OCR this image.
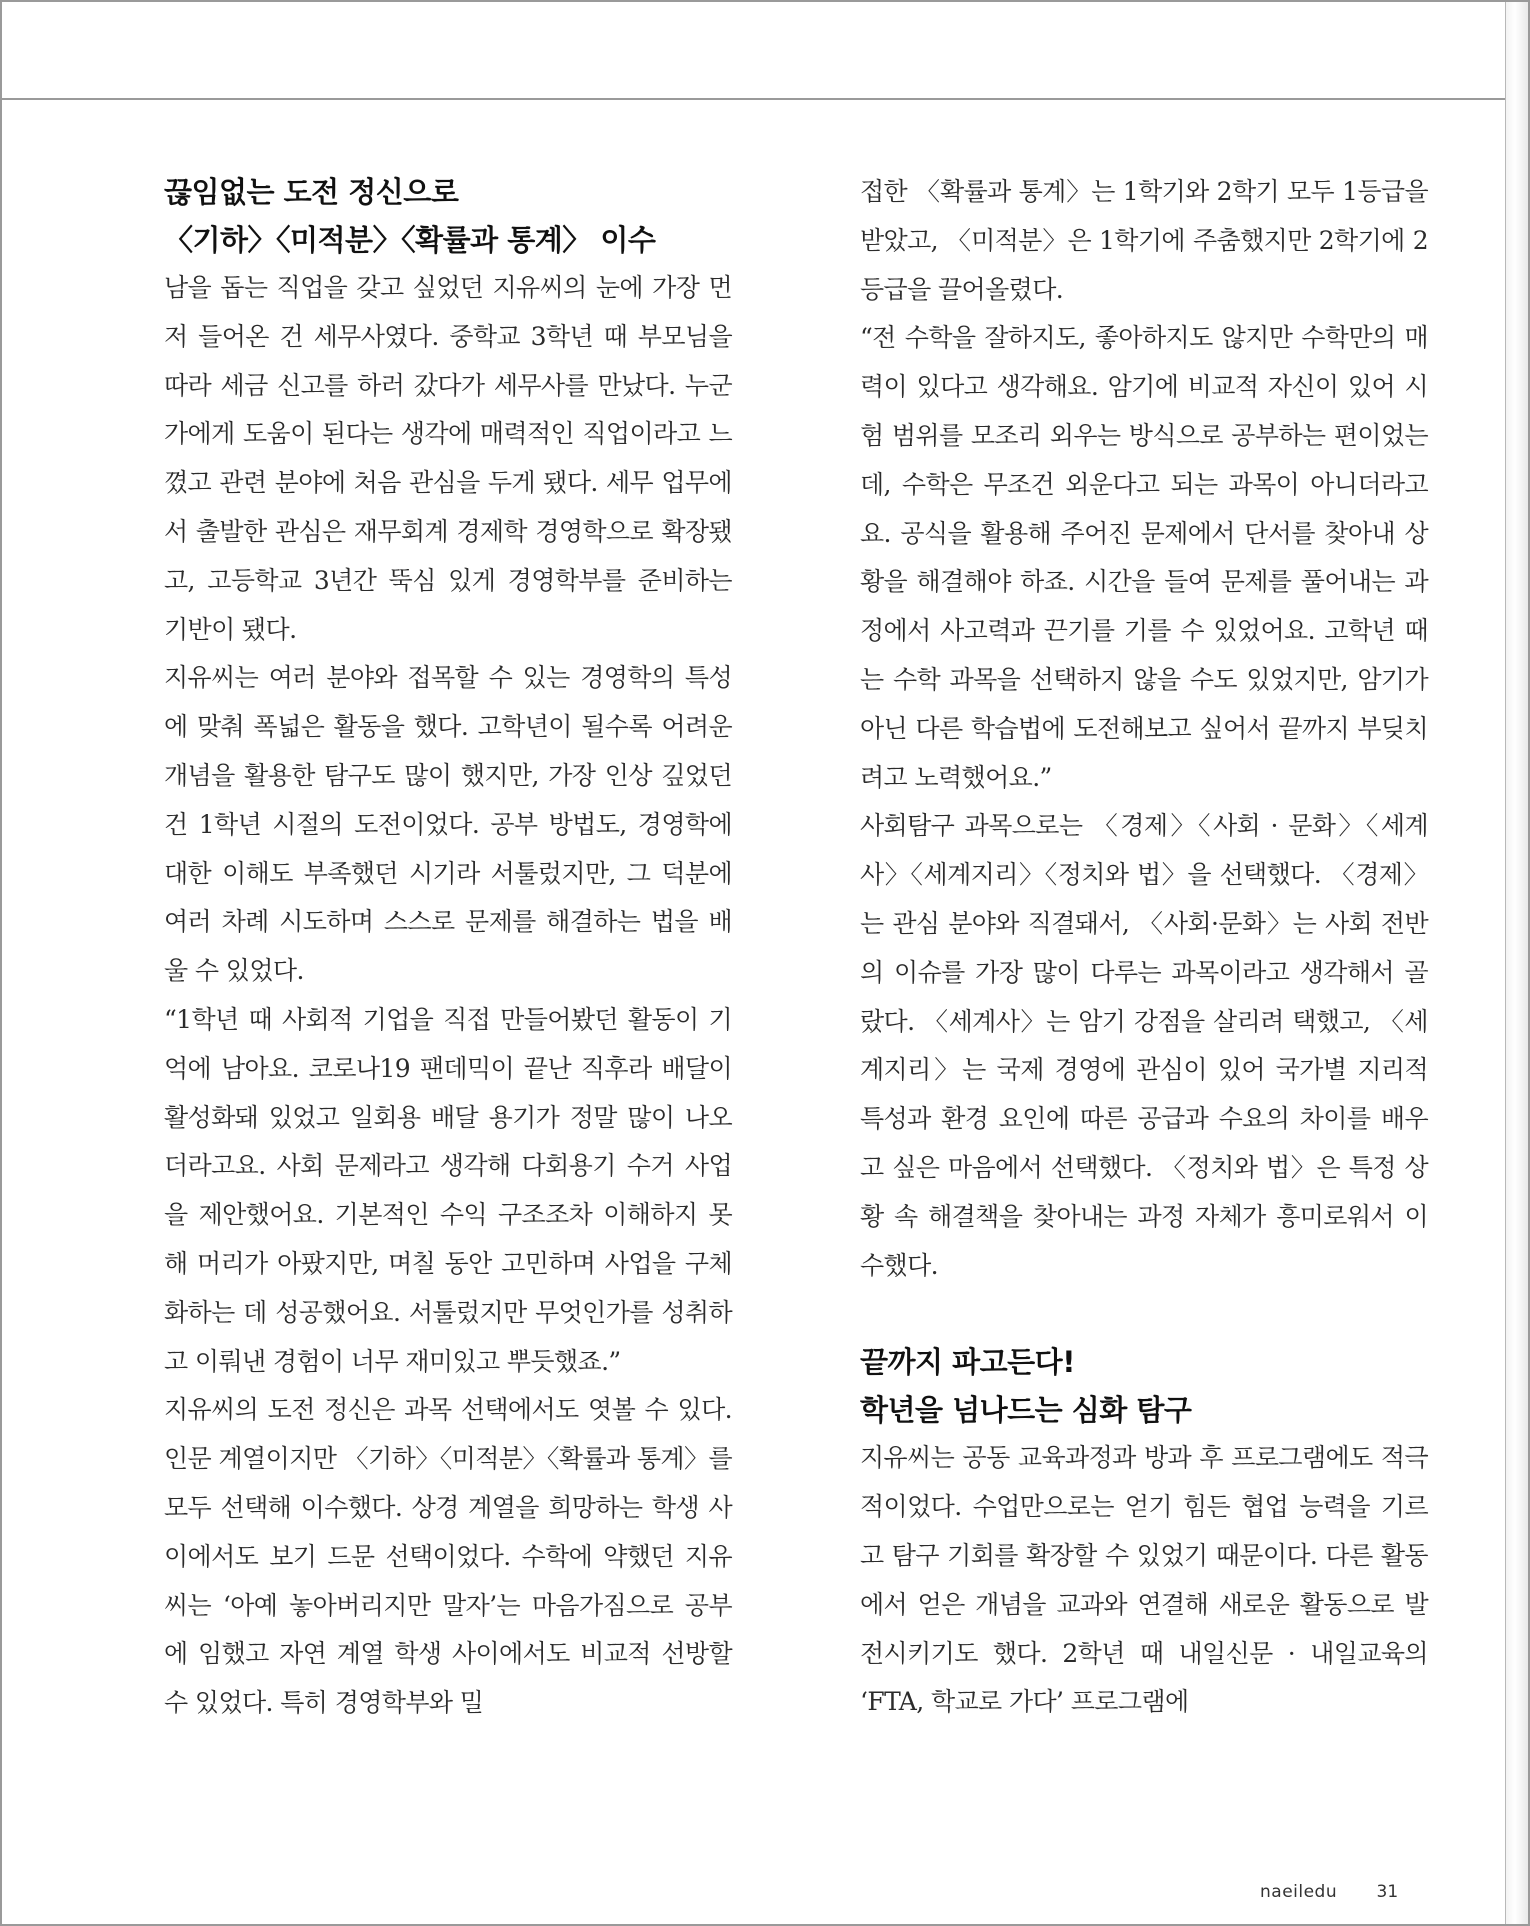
끊임없는 도전 정신으로
〈기하〉〈미적분〉〈확률과 통계〉 이수

남을 돕는 직업을 갖고 싶었던 지유씨의 눈에 가장 먼저 들어온 건 세무사였다. 중학교 3학년 때 부모님을 따라 세금 신고를 하러 갔다가 세무사를 만났다. 누군가에게 도움이 된다는 생각에 매력적인 직업이라고 느꼈고 관련 분야에 처음 관심을 두게 됐다. 세무 업무에서 출발한 관심은 재무회계 경제학 경영학으로 확장됐고, 고등학교 3년간 뚝심 있게 경영학부를 준비하는 기반이 됐다.

지유씨는 여러 분야와 접목할 수 있는 경영학의 특성에 맞춰 폭넓은 활동을 했다. 고학년이 될수록 어려운 개념을 활용한 탐구도 많이 했지만, 가장 인상 깊었던 건 1학년 시절의 도전이었다. 공부 방법도, 경영학에 대한 이해도 부족했던 시기라 서툴렀지만, 그 덕분에 여러 차례 시도하며 스스로 문제를 해결하는 법을 배울 수 있었다.

“1학년 때 사회적 기업을 직접 만들어봤던 활동이 기억에 남아요. 코로나19 팬데믹이 끝난 직후라 배달이 활성화돼 있었고 일회용 배달 용기가 정말 많이 나오더라고요. 사회 문제라고 생각해 다회용기 수거 사업을 제안했어요. 기본적인 수익 구조조차 이해하지 못해 머리가 아팠지만, 며칠 동안 고민하며 사업을 구체화하는 데 성공했어요. 서툴렀지만 무엇인가를 성취하고 이뤄낸 경험이 너무 재미있고 뿌듯했죠.”

지유씨의 도전 정신은 과목 선택에서도 엿볼 수 있다. 인문 계열이지만 〈기하〉〈미적분〉〈확률과 통계〉를 모두 선택해 이수했다. 상경 계열을 희망하는 학생 사이에서도 보기 드문 선택이었다. 수학에 약했던 지유씨는 ‘아예 놓아버리지만 말자’는 마음가짐으로 공부에 임했고 자연 계열 학생 사이에서도 비교적 선방할 수 있었다. 특히 경영학부와 밀

접한 〈확률과 통계〉는 1학기와 2학기 모두 1등급을 받았고, 〈미적분〉은 1학기에 주춤했지만 2학기에 2등급을 끌어올렸다.

“전 수학을 잘하지도, 좋아하지도 않지만 수학만의 매력이 있다고 생각해요. 암기에 비교적 자신이 있어 시험 범위를 모조리 외우는 방식으로 공부하는 편이었는데, 수학은 무조건 외운다고 되는 과목이 아니더라고요. 공식을 활용해 주어진 문제에서 단서를 찾아내 상황을 해결해야 하죠. 시간을 들여 문제를 풀어내는 과정에서 사고력과 끈기를 기를 수 있었어요. 고학년 때는 수학 과목을 선택하지 않을 수도 있었지만, 암기가 아닌 다른 학습법에 도전해보고 싶어서 끝까지 부딪치려고 노력했어요.”

사회탐구 과목으로는 〈경제〉〈사회 · 문화〉〈세계사〉〈세계지리〉〈정치와 법〉을 선택했다. 〈경제〉는 관심 분야와 직결돼서, 〈사회·문화〉는 사회 전반의 이슈를 가장 많이 다루는 과목이라고 생각해서 골랐다. 〈세계사〉는 암기 강점을 살리려 택했고, 〈세계지리〉는 국제 경영에 관심이 있어 국가별 지리적 특성과 환경 요인에 따른 공급과 수요의 차이를 배우고 싶은 마음에서 선택했다. 〈정치와 법〉은 특정 상황 속 해결책을 찾아내는 과정 자체가 흥미로워서 이수했다.

끝까지 파고든다!
학년을 넘나드는 심화 탐구

지유씨는 공동 교육과정과 방과 후 프로그램에도 적극적이었다. 수업만으로는 얻기 힘든 협업 능력을 기르고 탐구 기회를 확장할 수 있었기 때문이다. 다른 활동에서 얻은 개념을 교과와 연결해 새로운 활동으로 발전시키기도 했다. 2학년 때 내일신문 · 내일교육의 ‘FTA, 학교로 가다’ 프로그램에

naeiledu 31
